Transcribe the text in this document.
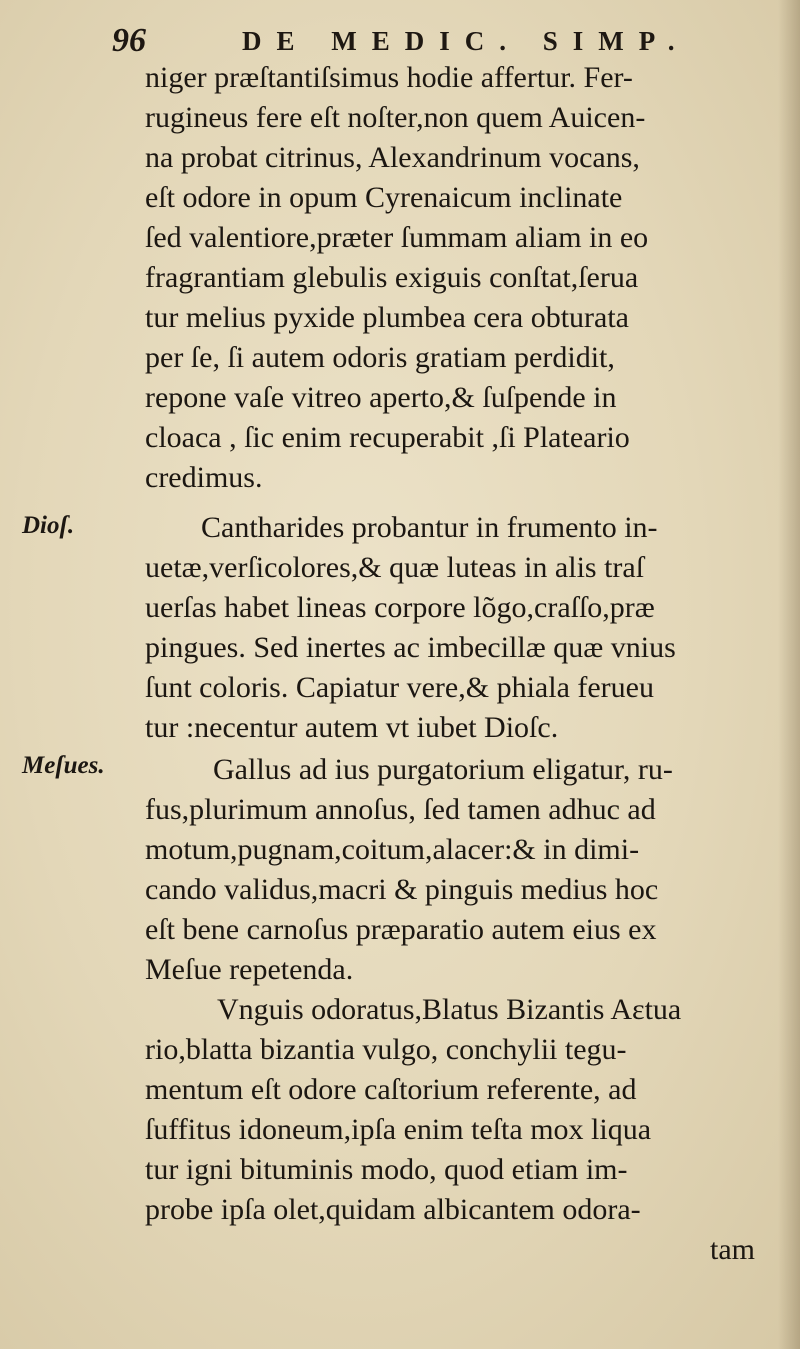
96	DE MEDIC. SIMP.
Dioſ.
Meſues.
niger præſtantiſsimus hodie affertur. Fer-
rugineus fere eſt noſter,non quem Auicen-
na probat citrinus, Alexandrinum vocans,
eſt odore in opum Cyrenaicum inclinate
ſed valentiore,præter ſummam aliam in eo
fragrantiam glebulis exiguis conſtat,ſerua
tur melius pyxide plumbea cera obturata
per ſe, ſi autem odoris gratiam perdidit,
repone vaſe vitreo aperto,& ſuſpende in
cloaca , ſic enim recuperabit ,ſi Plateario
credimus.
Cantharides probantur in frumento in-
uetæ,verſicolores,& quæ luteas in alis traſ
uerſas habet lineas corpore lõgo,craſſo,præ
pingues. Sed inertes ac imbecillæ quæ vnius
ſunt coloris. Capiatur vere,& phiala ferueu
tur :necentur autem vt iubet Dioſc.
Gallus ad ius purgatorium eligatur, ru-
fus,plurimum annoſus, ſed tamen adhuc ad
motum,pugnam,coitum,alacer:& in dimi-
cando validus,macri & pinguis medius hoc
eſt bene carnoſus præparatio autem eius ex
Meſue repetenda.
Vnguis odoratus,Blatus Bizantis Aɛtua
rio,blatta bizantia vulgo, conchylii tegu-
mentum eſt odore caſtorium referente, ad
ſuffitus idoneum,ipſa enim teſta mox liqua
tur igni bituminis modo, quod etiam im-
probe ipſa olet,quidam albicantem odora-
tam
